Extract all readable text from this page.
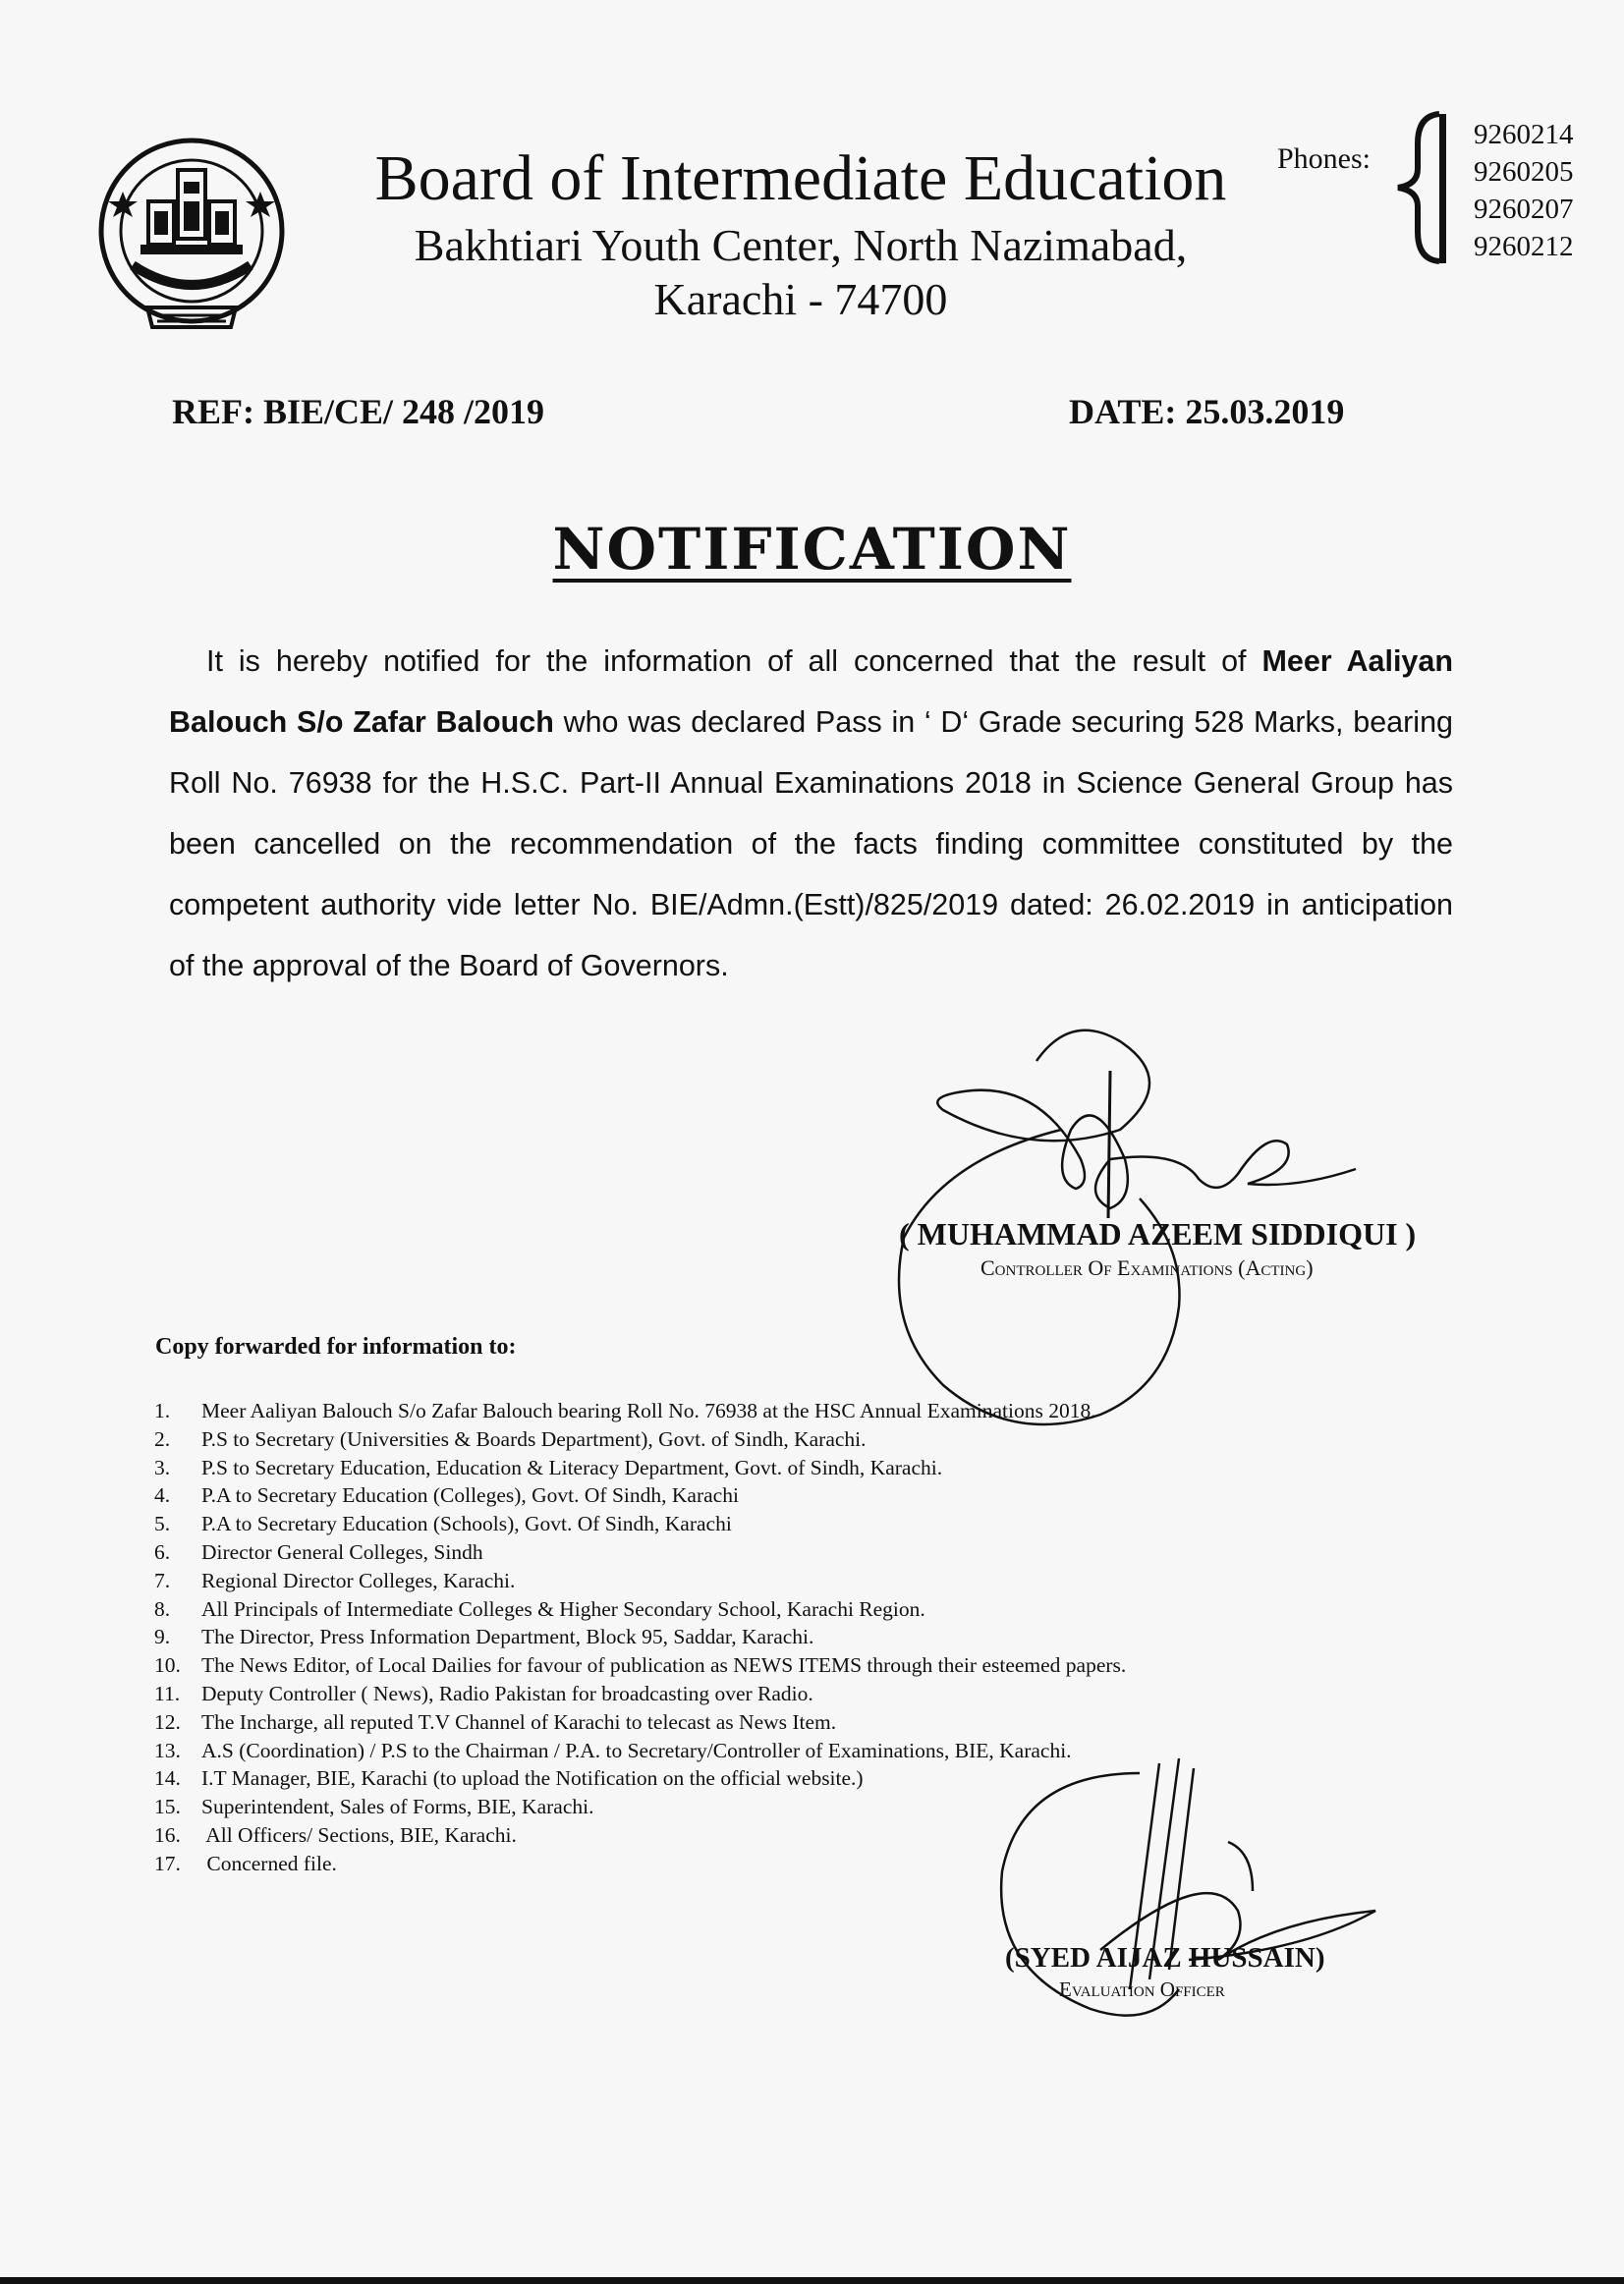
Board of Intermediate Education
Bakhtiari Youth Center, North Nazimabad,
Karachi - 74700
Phones:
9260214
9260205
9260207
9260212
REF: BIE/CE/ 248 /2019	DATE: 25.03.2019
NOTIFICATION

It is hereby notified for the information of all concerned that the result of Meer Aaliyan Balouch S/o Zafar Balouch who was declared Pass in ‘ D‘ Grade securing 528 Marks, bearing Roll No. 76938 for the H.S.C. Part-II Annual Examinations 2018 in Science General Group has been cancelled on the recommendation of the facts finding committee constituted by the competent authority vide letter No. BIE/Admn.(Estt)/825/2019 dated: 26.02.2019 in anticipation of the approval of the Board of Governors.

( MUHAMMAD AZEEM SIDDIQUI )
Controller Of Examinations (Acting)
Copy forwarded for information to:
1. Meer Aaliyan Balouch S/o Zafar Balouch bearing Roll No. 76938 at the HSC Annual Examinations 2018.
2. P.S to Secretary (Universities & Boards Department), Govt. of Sindh, Karachi.
3. P.S to Secretary Education, Education & Literacy Department, Govt. of Sindh, Karachi.
4. P.A to Secretary Education (Colleges), Govt. Of Sindh, Karachi
5. P.A to Secretary Education (Schools), Govt. Of Sindh, Karachi
6. Director General Colleges, Sindh
7. Regional Director Colleges, Karachi.
8. All Principals of Intermediate Colleges & Higher Secondary School, Karachi Region.
9. The Director, Press Information Department, Block 95, Saddar, Karachi.
10. The News Editor, of Local Dailies for favour of publication as NEWS ITEMS through their esteemed papers.
11. Deputy Controller ( News), Radio Pakistan for broadcasting over Radio.
12. The Incharge, all reputed T.V Channel of Karachi to telecast as News Item.
13. A.S (Coordination) / P.S to the Chairman / P.A. to Secretary/Controller of Examinations, BIE, Karachi.
14. I.T Manager, BIE, Karachi (to upload the Notification on the official website.)
15. Superintendent, Sales of Forms, BIE, Karachi.
16. All Officers/ Sections, BIE, Karachi.
17. Concerned file.
(SYED AIJAZ HUSSAIN)
Evaluation Officer
